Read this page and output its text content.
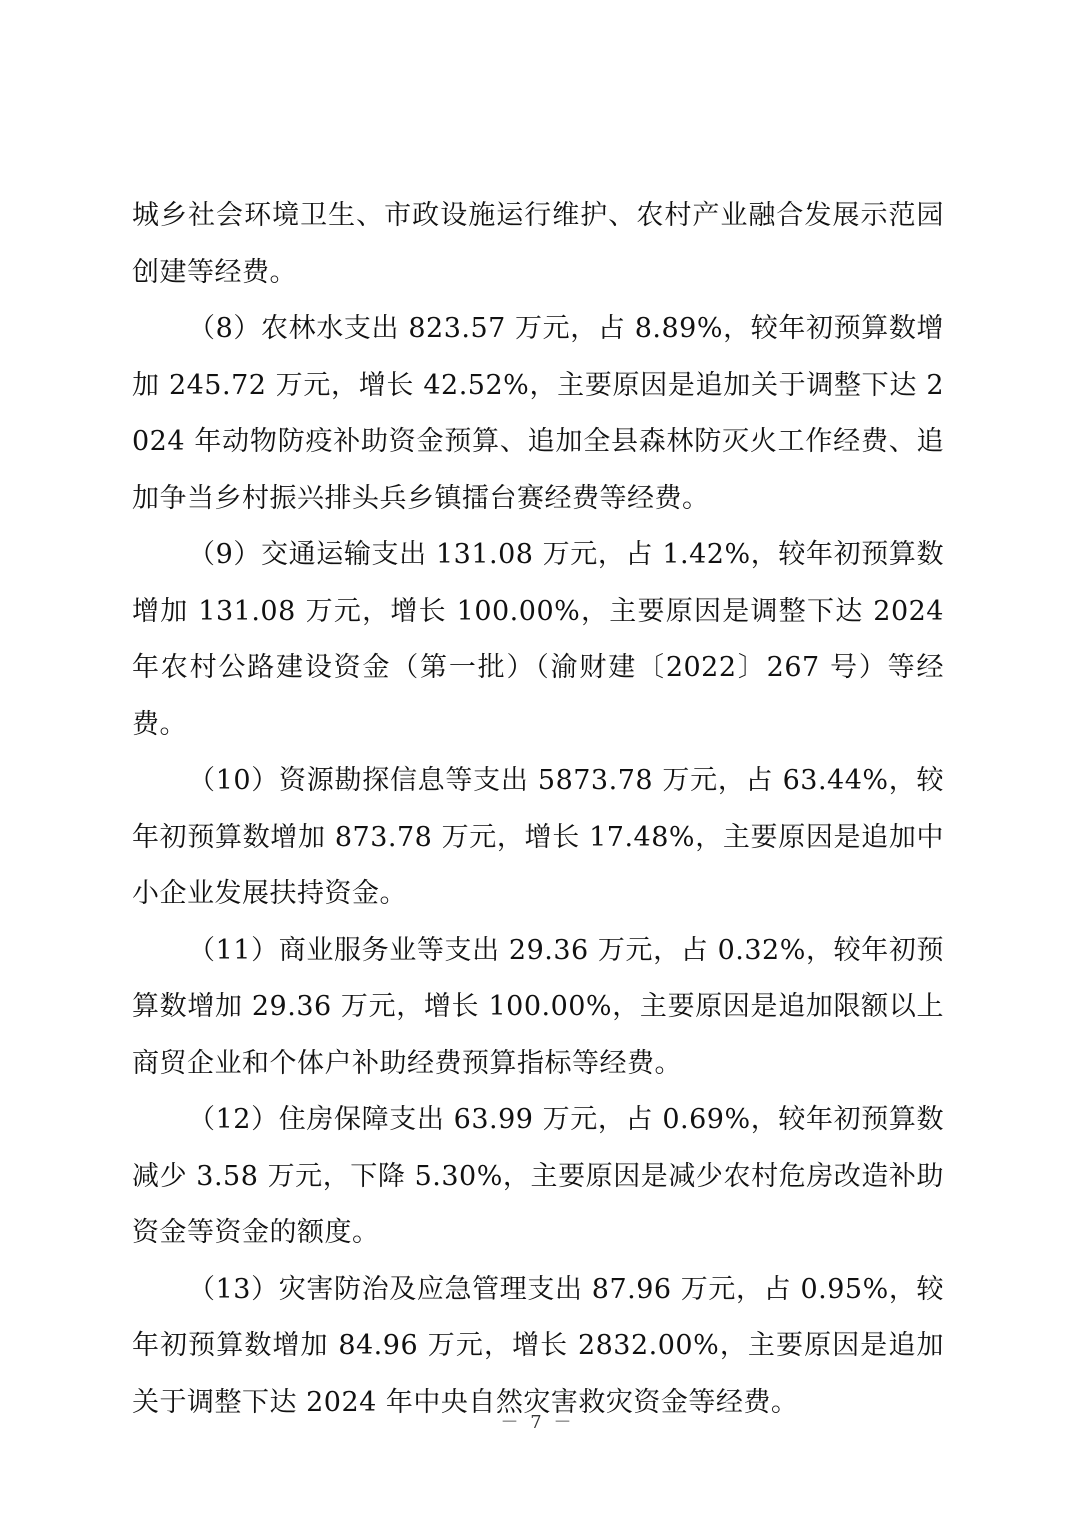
城乡社会环境卫生、市政设施运行维护、农村产业融合发展示范园创建等经费。

（8）农林水支出 823.57 万元，占 8.89%，较年初预算数增加 245.72 万元，增长 42.52%，主要原因是追加关于调整下达 2024 年动物防疫补助资金预算、追加全县森林防灭火工作经费、追加争当乡村振兴排头兵乡镇擂台赛经费等经费。

（9）交通运输支出 131.08 万元，占 1.42%，较年初预算数增加 131.08 万元，增长 100.00%，主要原因是调整下达 2024 年农村公路建设资金（第一批）（渝财建〔2022〕267 号）等经费。

（10）资源勘探信息等支出 5873.78 万元，占 63.44%，较年初预算数增加 873.78 万元，增长 17.48%，主要原因是追加中小企业发展扶持资金。

（11）商业服务业等支出 29.36 万元，占 0.32%，较年初预算数增加 29.36 万元，增长 100.00%，主要原因是追加限额以上商贸企业和个体户补助经费预算指标等经费。

（12）住房保障支出 63.99 万元，占 0.69%，较年初预算数减少 3.58 万元，下降 5.30%，主要原因是减少农村危房改造补助资金等资金的额度。

（13）灾害防治及应急管理支出 87.96 万元，占 0.95%，较年初预算数增加 84.96 万元，增长 2832.00%，主要原因是追加关于调整下达 2024 年中央自然灾害救灾资金等经费。

－ 7 －
